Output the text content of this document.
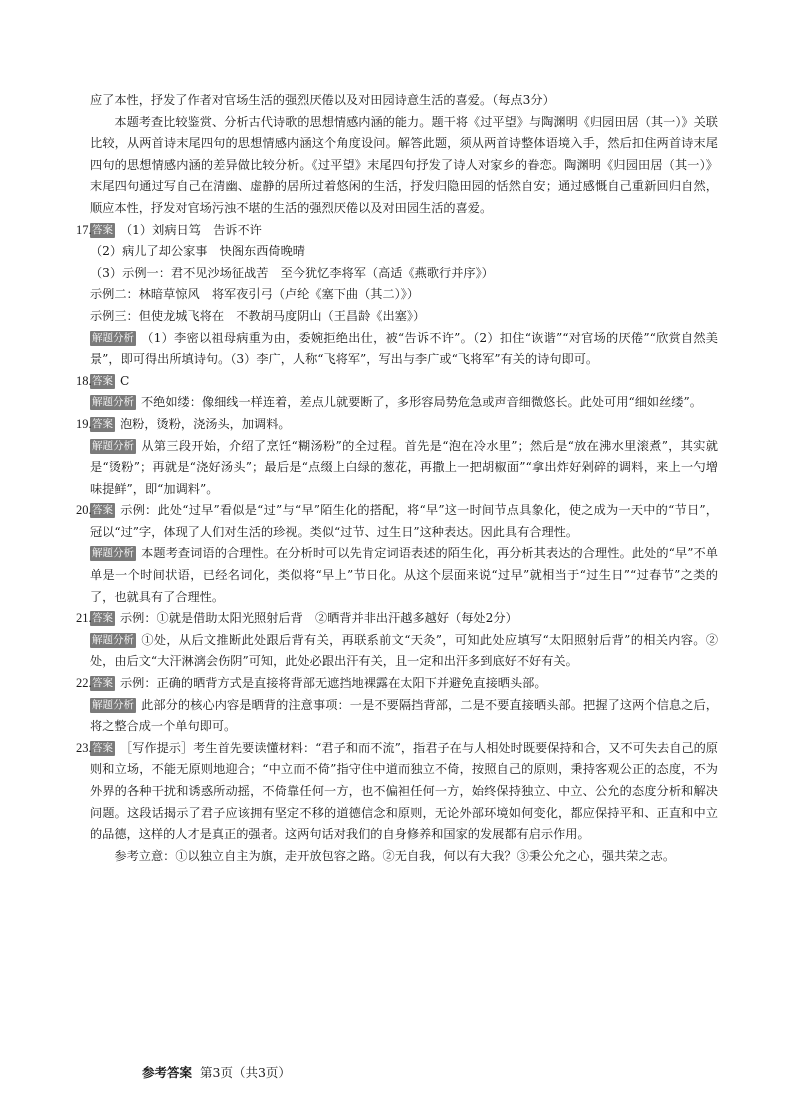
应了本性，抒发了作者对官场生活的强烈厌倦以及对田园诗意生活的喜爱。（每点3分）

本题考查比较鉴赏、分析古代诗歌的思想情感内涵的能力。题干将《过平望》与陶渊明《归园田居（其一）》关联比较，从两首诗末尾四句的思想情感内涵这个角度设问。解答此题，须从两首诗整体语境入手，然后扣住两首诗末尾四句的思想情感内涵的差异做比较分析。《过平望》末尾四句抒发了诗人对家乡的眷恋。陶渊明《归园田居（其一）》末尾四句通过写自己在清幽、虚静的居所过着悠闲的生活，抒发归隐田园的恬然自安；通过感慨自己重新回归自然，顺应本性，抒发对官场污浊不堪的生活的强烈厌倦以及对田园生活的喜爱。

17. 答案 （1）刘病日笃　告诉不许

（2）病儿了却公家事　快阁东西倚晚晴

（3）示例一：君不见沙场征战苦　至今犹忆李将军（高适《燕歌行并序》）

示例二：林暗草惊风　将军夜引弓（卢纶《塞下曲（其二）》）

示例三：但使龙城飞将在　不教胡马度阴山（王昌龄《出塞》）

解题分析 （1）李密以祖母病重为由，委婉拒绝出仕，被“告诉不许”。（2）扣住“诙谐”“对官场的厌倦”“欣赏自然美景”，即可得出所填诗句。（3）李广，人称“飞将军”，写出与李广或“飞将军”有关的诗句即可。

18. 答案 C

解题分析 不绝如缕：像细线一样连着，差点儿就要断了，多形容局势危急或声音细微悠长。此处可用“细如丝缕”。

19. 答案 泡粉，烫粉，浇汤头，加调料。

解题分析 从第三段开始，介绍了烹饪“糊汤粉”的全过程。首先是“泡在冷水里”；然后是“放在沸水里滚煮”，其实就是“烫粉”；再就是“浇好汤头”；最后是“点缀上白绿的葱花，再撒上一把胡椒面”“拿出炸好剁碎的调料，来上一勺增味提鲜”，即“加调料”。

20. 答案 示例：此处“过早”看似是“过”与“早”陌生化的搭配，将“早”这一时间节点具象化，使之成为一天中的“节日”，冠以“过”字，体现了人们对生活的珍视。类似“过节、过生日”这种表达。因此具有合理性。

解题分析 本题考查词语的合理性。在分析时可以先肯定词语表述的陌生化，再分析其表达的合理性。此处的“早”不单单是一个时间状语，已经名词化，类似将“早上”节日化。从这个层面来说“过早”就相当于“过生日”“过春节”之类的了，也就具有了合理性。

21. 答案 示例：①就是借助太阳光照射后背　②晒背并非出汗越多越好（每处2分）

解题分析 ①处，从后文推断此处跟后背有关，再联系前文“天灸”，可知此处应填写“太阳照射后背”的相关内容。②处，由后文“大汗淋漓会伤阴”可知，此处必跟出汗有关，且一定和出汗多到底好不好有关。

22. 答案 示例：正确的晒背方式是直接将背部无遮挡地裸露在太阳下并避免直接晒头部。

解题分析 此部分的核心内容是晒背的注意事项：一是不要隔挡背部，二是不要直接晒头部。把握了这两个信息之后，将之整合成一个单句即可。

23. 答案 ［写作提示］考生首先要读懂材料：“君子和而不流”，指君子在与人相处时既要保持和合，又不可失去自己的原则和立场，不能无原则地迎合；“中立而不倚”指守住中道而独立不倚，按照自己的原则，秉持客观公正的态度，不为外界的各种干扰和诱惑所动摇，不倚靠任何一方，也不偏袒任何一方，始终保持独立、中立、公允的态度分析和解决问题。这段话揭示了君子应该拥有坚定不移的道德信念和原则，无论外部环境如何变化，都应保持平和、正直和中立的品德，这样的人才是真正的强者。这两句话对我们的自身修养和国家的发展都有启示作用。

参考立意：①以独立自主为旗，走开放包容之路。②无自我，何以有大我？③秉公允之心，强共荣之志。

参考答案 第3页（共3页）
